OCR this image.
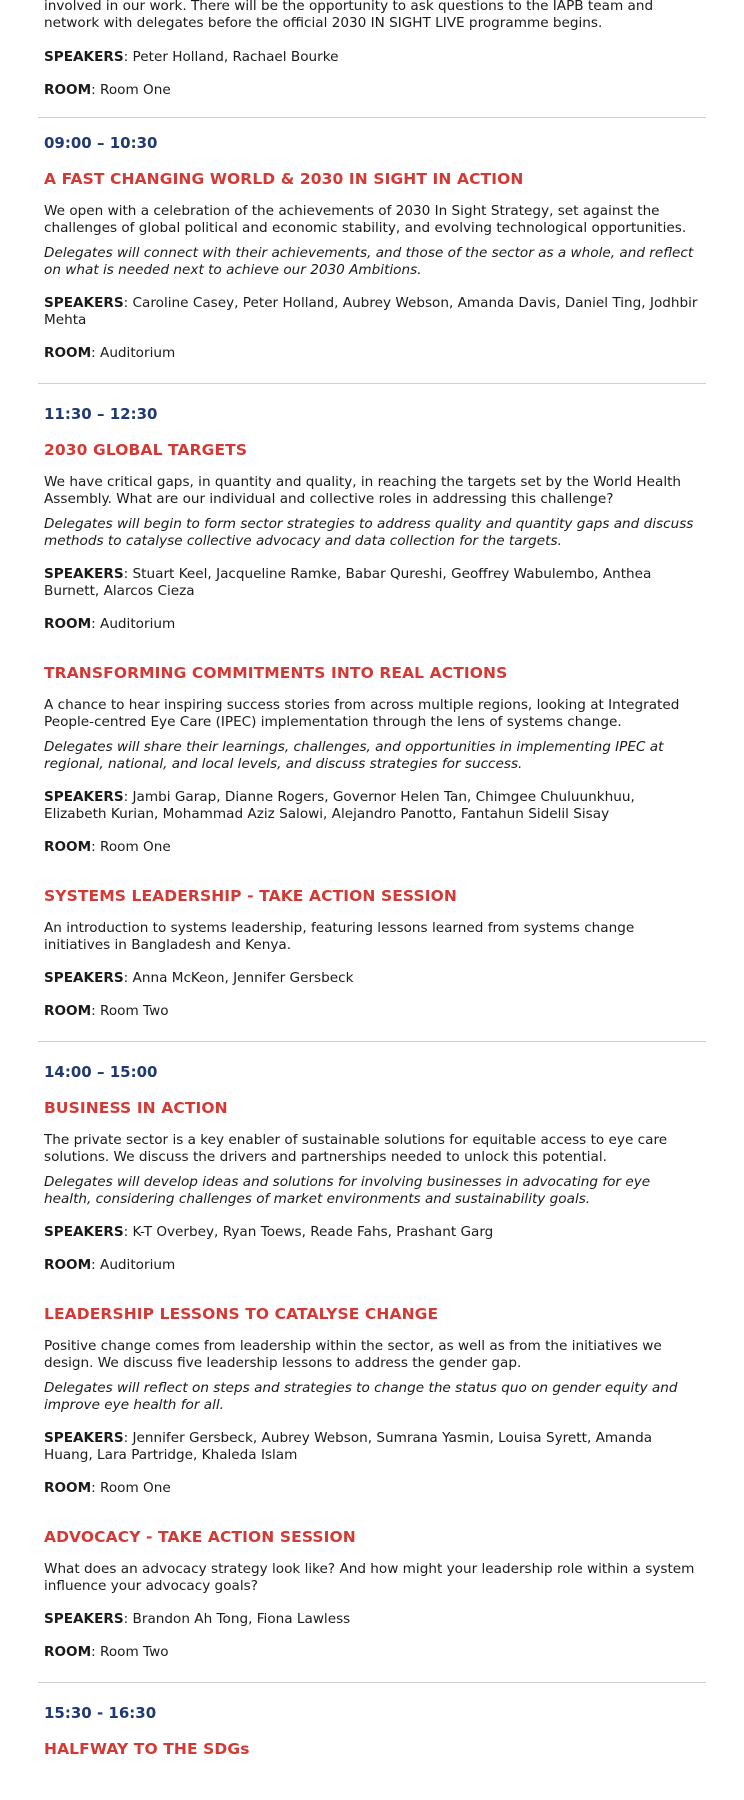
involved in our work. There will be the opportunity to ask questions to the IAPB team and

network with delegates before the official 2030 IN SIGHT LIVE programme begins.

SPEAKERS: Peter Holland, Rachael Bourke

ROOM: Room One

09:00 – 10:30

A FAST CHANGING WORLD & 2030 IN SIGHT IN ACTION

We open with a celebration of the achievements of 2030 In Sight Strategy, set against the challenges of global political and economic stability, and evolving technological opportunities.

Delegates will connect with their achievements, and those of the sector as a whole, and reflect on what is needed next to achieve our 2030 Ambitions.

SPEAKERS: Caroline Casey, Peter Holland, Aubrey Webson, Amanda Davis, Daniel Ting, Jodhbir Mehta

ROOM: Auditorium

11:30 – 12:30

2030 GLOBAL TARGETS

We have critical gaps, in quantity and quality, in reaching the targets set by the World Health Assembly. What are our individual and collective roles in addressing this challenge?

Delegates will begin to form sector strategies to address quality and quantity gaps and discuss methods to catalyse collective advocacy and data collection for the targets.

SPEAKERS: Stuart Keel, Jacqueline Ramke, Babar Qureshi, Geoffrey Wabulembo, Anthea Burnett, Alarcos Cieza

ROOM: Auditorium

TRANSFORMING COMMITMENTS INTO REAL ACTIONS

A chance to hear inspiring success stories from across multiple regions, looking at Integrated People-centred Eye Care (IPEC) implementation through the lens of systems change.

Delegates will share their learnings, challenges, and opportunities in implementing IPEC at regional, national, and local levels, and discuss strategies for success.

SPEAKERS: Jambi Garap, Dianne Rogers, Governor Helen Tan, Chimgee Chuluunkhuu, Elizabeth Kurian, Mohammad Aziz Salowi, Alejandro Panotto, Fantahun Sidelil Sisay

ROOM: Room One

SYSTEMS LEADERSHIP - TAKE ACTION SESSION

An introduction to systems leadership, featuring lessons learned from systems change initiatives in Bangladesh and Kenya.

SPEAKERS: Anna McKeon, Jennifer Gersbeck

ROOM: Room Two

14:00 – 15:00

BUSINESS IN ACTION

The private sector is a key enabler of sustainable solutions for equitable access to eye care solutions. We discuss the drivers and partnerships needed to unlock this potential.

Delegates will develop ideas and solutions for involving businesses in advocating for eye health, considering challenges of market environments and sustainability goals.

SPEAKERS: K-T Overbey, Ryan Toews, Reade Fahs, Prashant Garg

ROOM: Auditorium

LEADERSHIP LESSONS TO CATALYSE CHANGE

Positive change comes from leadership within the sector, as well as from the initiatives we design. We discuss five leadership lessons to address the gender gap.

Delegates will reflect on steps and strategies to change the status quo on gender equity and improve eye health for all.

SPEAKERS: Jennifer Gersbeck, Aubrey Webson, Sumrana Yasmin, Louisa Syrett, Amanda Huang, Lara Partridge, Khaleda Islam

ROOM: Room One

ADVOCACY - TAKE ACTION SESSION

What does an advocacy strategy look like? And how might your leadership role within a system influence your advocacy goals?

SPEAKERS: Brandon Ah Tong, Fiona Lawless

ROOM: Room Two

15:30 - 16:30

HALFWAY TO THE SDGs
